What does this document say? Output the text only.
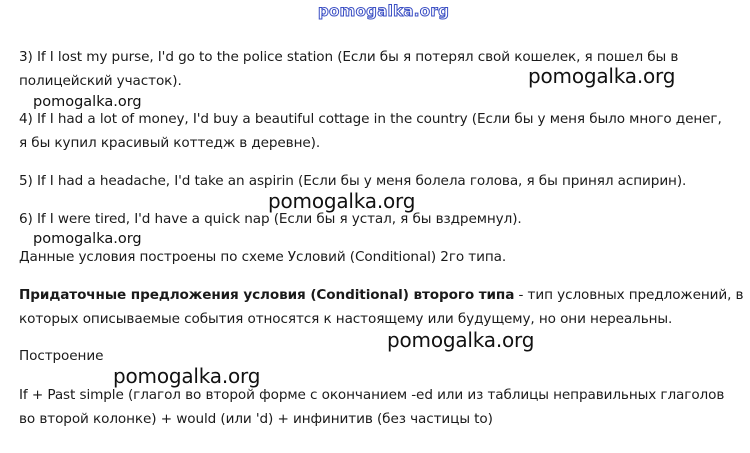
pomogalka.org
3) If I lost my purse, I'd go to the police station (Если бы я потерял свой кошелек, я пошел бы в
полицейский участок).	pomogalka.org
pomogalka.org
4) If I had a lot of money, I'd buy a beautiful cottage in the country (Если бы у меня было много денег,
я бы купил красивый коттедж в деревне).
5) If I had a headache, I'd take an aspirin (Если бы у меня болела голова, я бы принял аспирин).
pomogalka.org
6) If I were tired, I'd have a quick nap (Если бы я устал, я бы вздремнул).
pomogalka.org
Данные условия построены по схеме Условий (Conditional) 2го типа.
Придаточные предложения условия (Conditional) второго типа - тип условных предложений, в
которых описываемые события относятся к настоящему или будущему, но они нереальны.
pomogalka.org
Построение
pomogalka.org
If + Past simple (глагол во второй форме с окончанием -ed или из таблицы неправильных глаголов
во второй колонке) + would (или 'd) + инфинитив (без частицы to)
